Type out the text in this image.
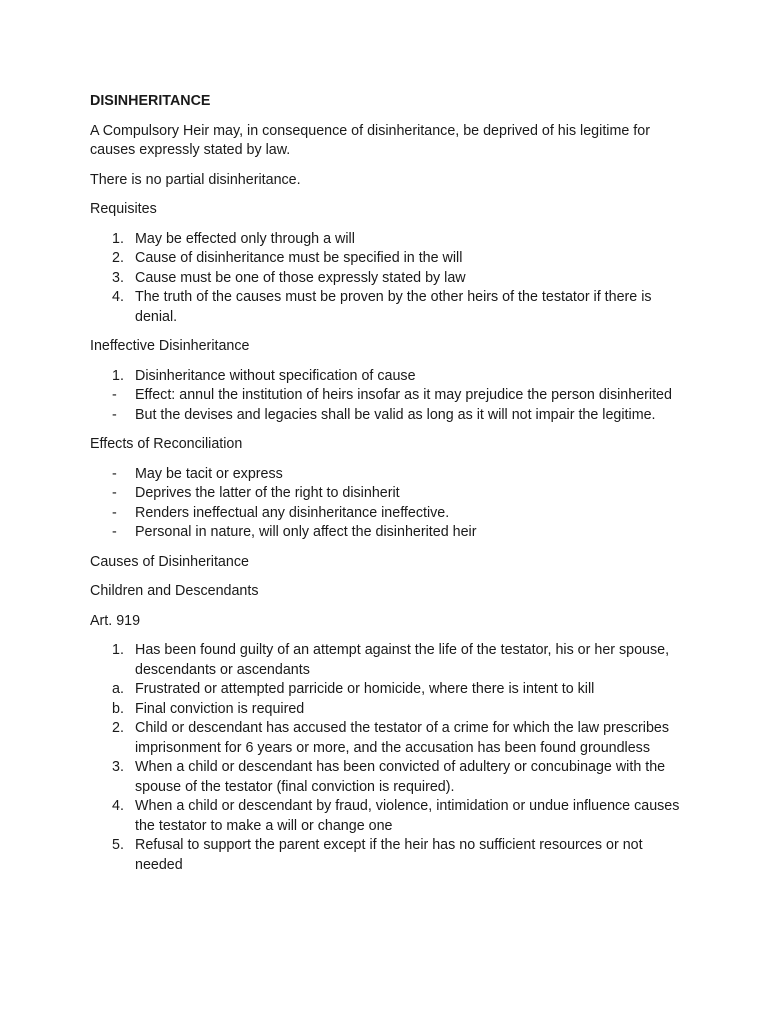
DISINHERITANCE
A Compulsory Heir may, in consequence of disinheritance, be deprived of his legitime for causes expressly stated by law.
There is no partial disinheritance.
Requisites
1. May be effected only through a will
2. Cause of disinheritance must be specified in the will
3. Cause must be one of those expressly stated by law
4. The truth of the causes must be proven by the other heirs of the testator if there is denial.
Ineffective Disinheritance
1. Disinheritance without specification of cause
-	Effect: annul the institution of heirs insofar as it may prejudice the person disinherited
-	But the devises and legacies shall be valid as long as it will not impair the legitime.
Effects of Reconciliation
-	May be tacit or express
-	Deprives the latter of the right to disinherit
-	Renders ineffectual any disinheritance ineffective.
-	Personal in nature, will only affect the disinherited heir
Causes of Disinheritance
Children and Descendants
Art. 919
1. Has been found guilty of an attempt against the life of the testator, his or her spouse, descendants or ascendants
a. Frustrated or attempted parricide or homicide, where there is intent to kill
b. Final conviction is required
2. Child or descendant has accused the testator of a crime for which the law prescribes imprisonment for 6 years or more, and the accusation has been found groundless
3. When a child or descendant has been convicted of adultery or concubinage with the spouse of the testator (final conviction is required).
4. When a child or descendant by fraud, violence, intimidation or undue influence causes the testator to make a will or change one
5. Refusal to support the parent except if the heir has no sufficient resources or not needed
